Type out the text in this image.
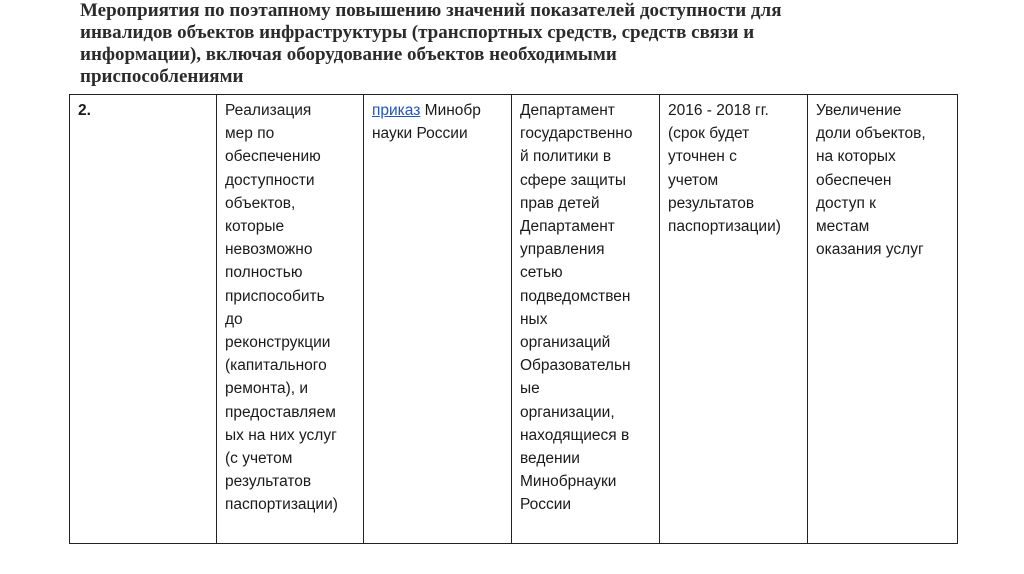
Мероприятия по поэтапному повышению значений показателей доступности для
инвалидов объектов инфраструктуры (транспортных средств, средств связи и
информации), включая оборудование объектов необходимыми
приспособлениями
2.	Реализация
мер по
обеспечению
доступности
объектов,
которые
невозможно
полностью
приспособить
до
реконструкции
(капитального
ремонта), и
предоставляем
ых на них услуг
(с учетом
результатов
паспортизации)

приказ Минобр
науки России

Департамент
государственно
й политики в
сфере защиты
прав детей
Департамент
управления
сетью
подведомствен
ных
организаций
Образовательн
ые
организации,
находящиеся в
ведении
Минобрнауки
России

2016 - 2018 гг.
(срок будет
уточнен с
учетом
результатов
паспортизации)

Увеличение
доли объектов,
на которых
обеспечен
доступ к
местам
оказания услуг
